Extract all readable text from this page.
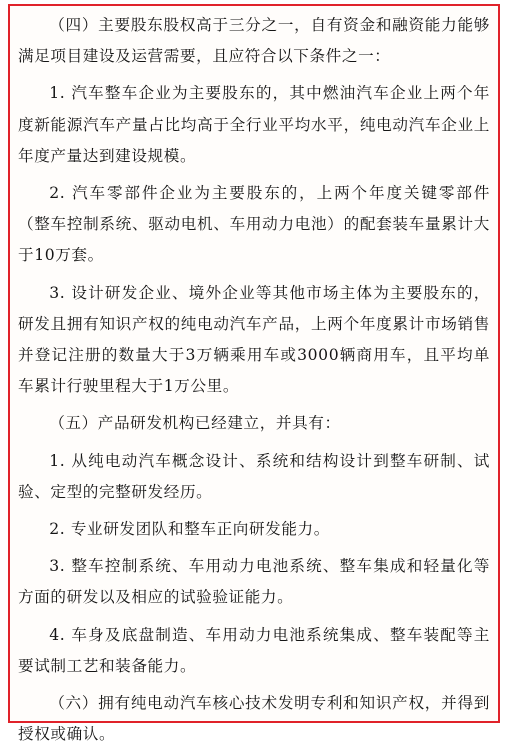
（四）主要股东股权高于三分之一，自有资金和融资能力能够满足项目建设及运营需要，且应符合以下条件之一：

1. 汽车整车企业为主要股东的，其中燃油汽车企业上两个年度新能源汽车产量占比均高于全行业平均水平，纯电动汽车企业上年度产量达到建设规模。

2. 汽车零部件企业为主要股东的，上两个年度关键零部件（整车控制系统、驱动电机、车用动力电池）的配套装车量累计大于10万套。

3. 设计研发企业、境外企业等其他市场主体为主要股东的，研发且拥有知识产权的纯电动汽车产品，上两个年度累计市场销售并登记注册的数量大于3万辆乘用车或3000辆商用车，且平均单车累计行驶里程大于1万公里。

（五）产品研发机构已经建立，并具有：

1. 从纯电动汽车概念设计、系统和结构设计到整车研制、试验、定型的完整研发经历。

2. 专业研发团队和整车正向研发能力。

3. 整车控制系统、车用动力电池系统、整车集成和轻量化等方面的研发以及相应的试验验证能力。

4. 车身及底盘制造、车用动力电池系统集成、整车装配等主要试制工艺和装备能力。

（六）拥有纯电动汽车核心技术发明专利和知识产权，并得到授权或确认。
